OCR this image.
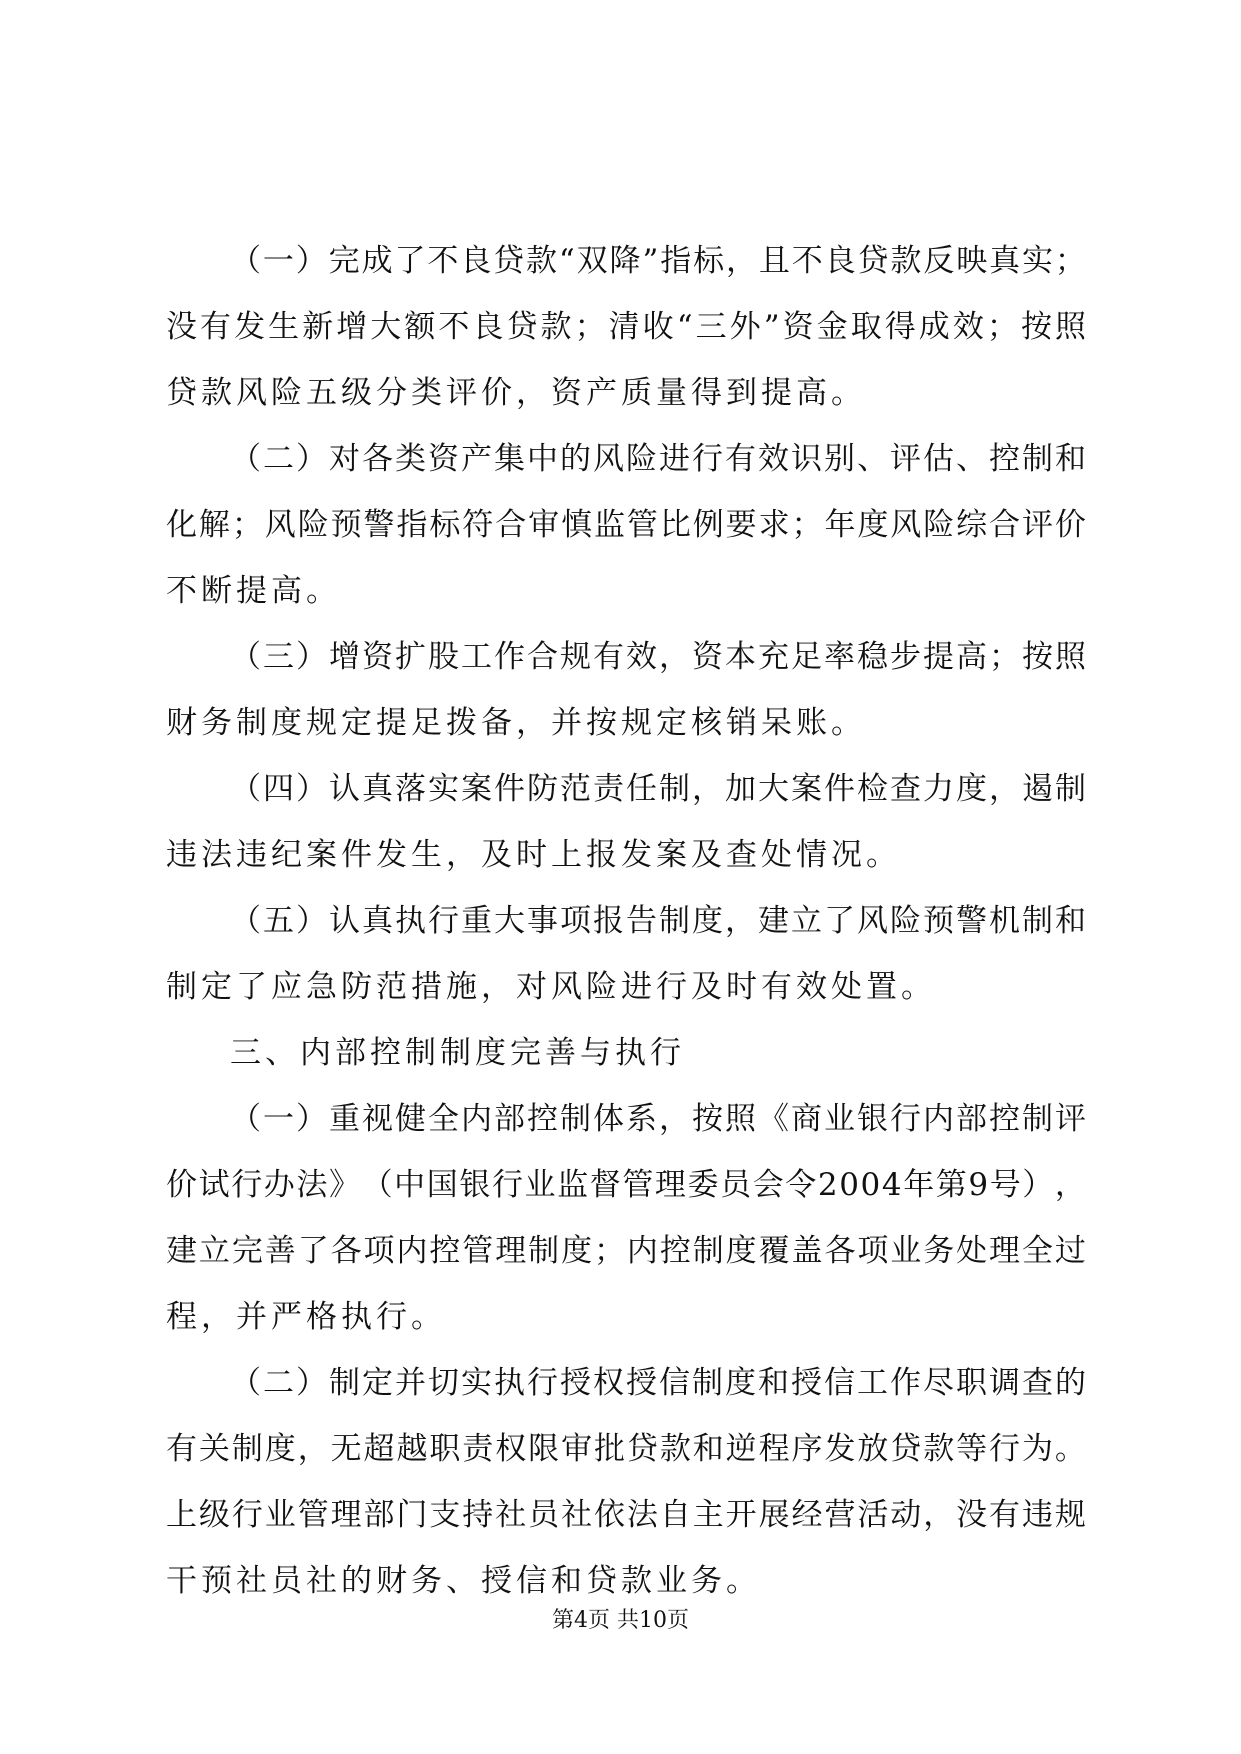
（ 一 ） 完 成 了 不 良 贷 款 “ 双 降 ” 指 标 ， 且 不 良 贷 款 反 映 真 实 ；
没 有 发 生 新 增 大 额 不 良 贷 款 ； 清 收 “ 三 外 ” 资 金 取 得 成 效 ； 按 照
贷款风险五级分类评价，资产质量得到提高。
（ 二 ） 对 各 类 资 产 集 中 的 风 险 进 行 有 效 识 别 、 评 估 、 控 制 和
化 解 ； 风 险 预 警 指 标 符 合 审 慎 监 管 比 例 要 求 ； 年 度 风 险 综 合 评 价
不断提高。
（ 三 ） 增 资 扩 股 工 作 合 规 有 效 ， 资 本 充 足 率 稳 步 提 高 ； 按 照
财务制度规定提足拨备，并按规定核销呆账。
（ 四 ） 认 真 落 实 案 件 防 范 责 任 制 ， 加 大 案 件 检 查 力 度 ， 遏 制
违法违纪案件发生，及时上报发案及查处情况。
（ 五 ） 认 真 执 行 重 大 事 项 报 告 制 度 ， 建 立 了 风 险 预 警 机 制 和
制定了应急防范措施，对风险进行及时有效处置。
三、内部控制制度完善与执行
（ 一 ） 重 视 健 全 内 部 控 制 体 系 ， 按 照 《 商 业 银 行 内 部 控 制 评
价 试 行 办 法 》 （ 中 国 银 行 业 监 督 管 理 委 员 会 令 2 0 0 4 年 第 9 号 ） ，
建 立 完 善 了 各 项 内 控 管 理 制 度 ； 内 控 制 度 覆 盖 各 项 业 务 处 理 全 过
程，并严格执行。
（ 二 ） 制 定 并 切 实 执 行 授 权 授 信 制 度 和 授 信 工 作 尽 职 调 查 的
有 关 制 度 ， 无 超 越 职 责 权 限 审 批 贷 款 和 逆 程 序 发 放 贷 款 等 行 为 。
上 级 行 业 管 理 部 门 支 持 社 员 社 依 法 自 主 开 展 经 营 活 动 ， 没 有 违 规
干预社员社的财务、授信和贷款业务。
第4页 共10页
